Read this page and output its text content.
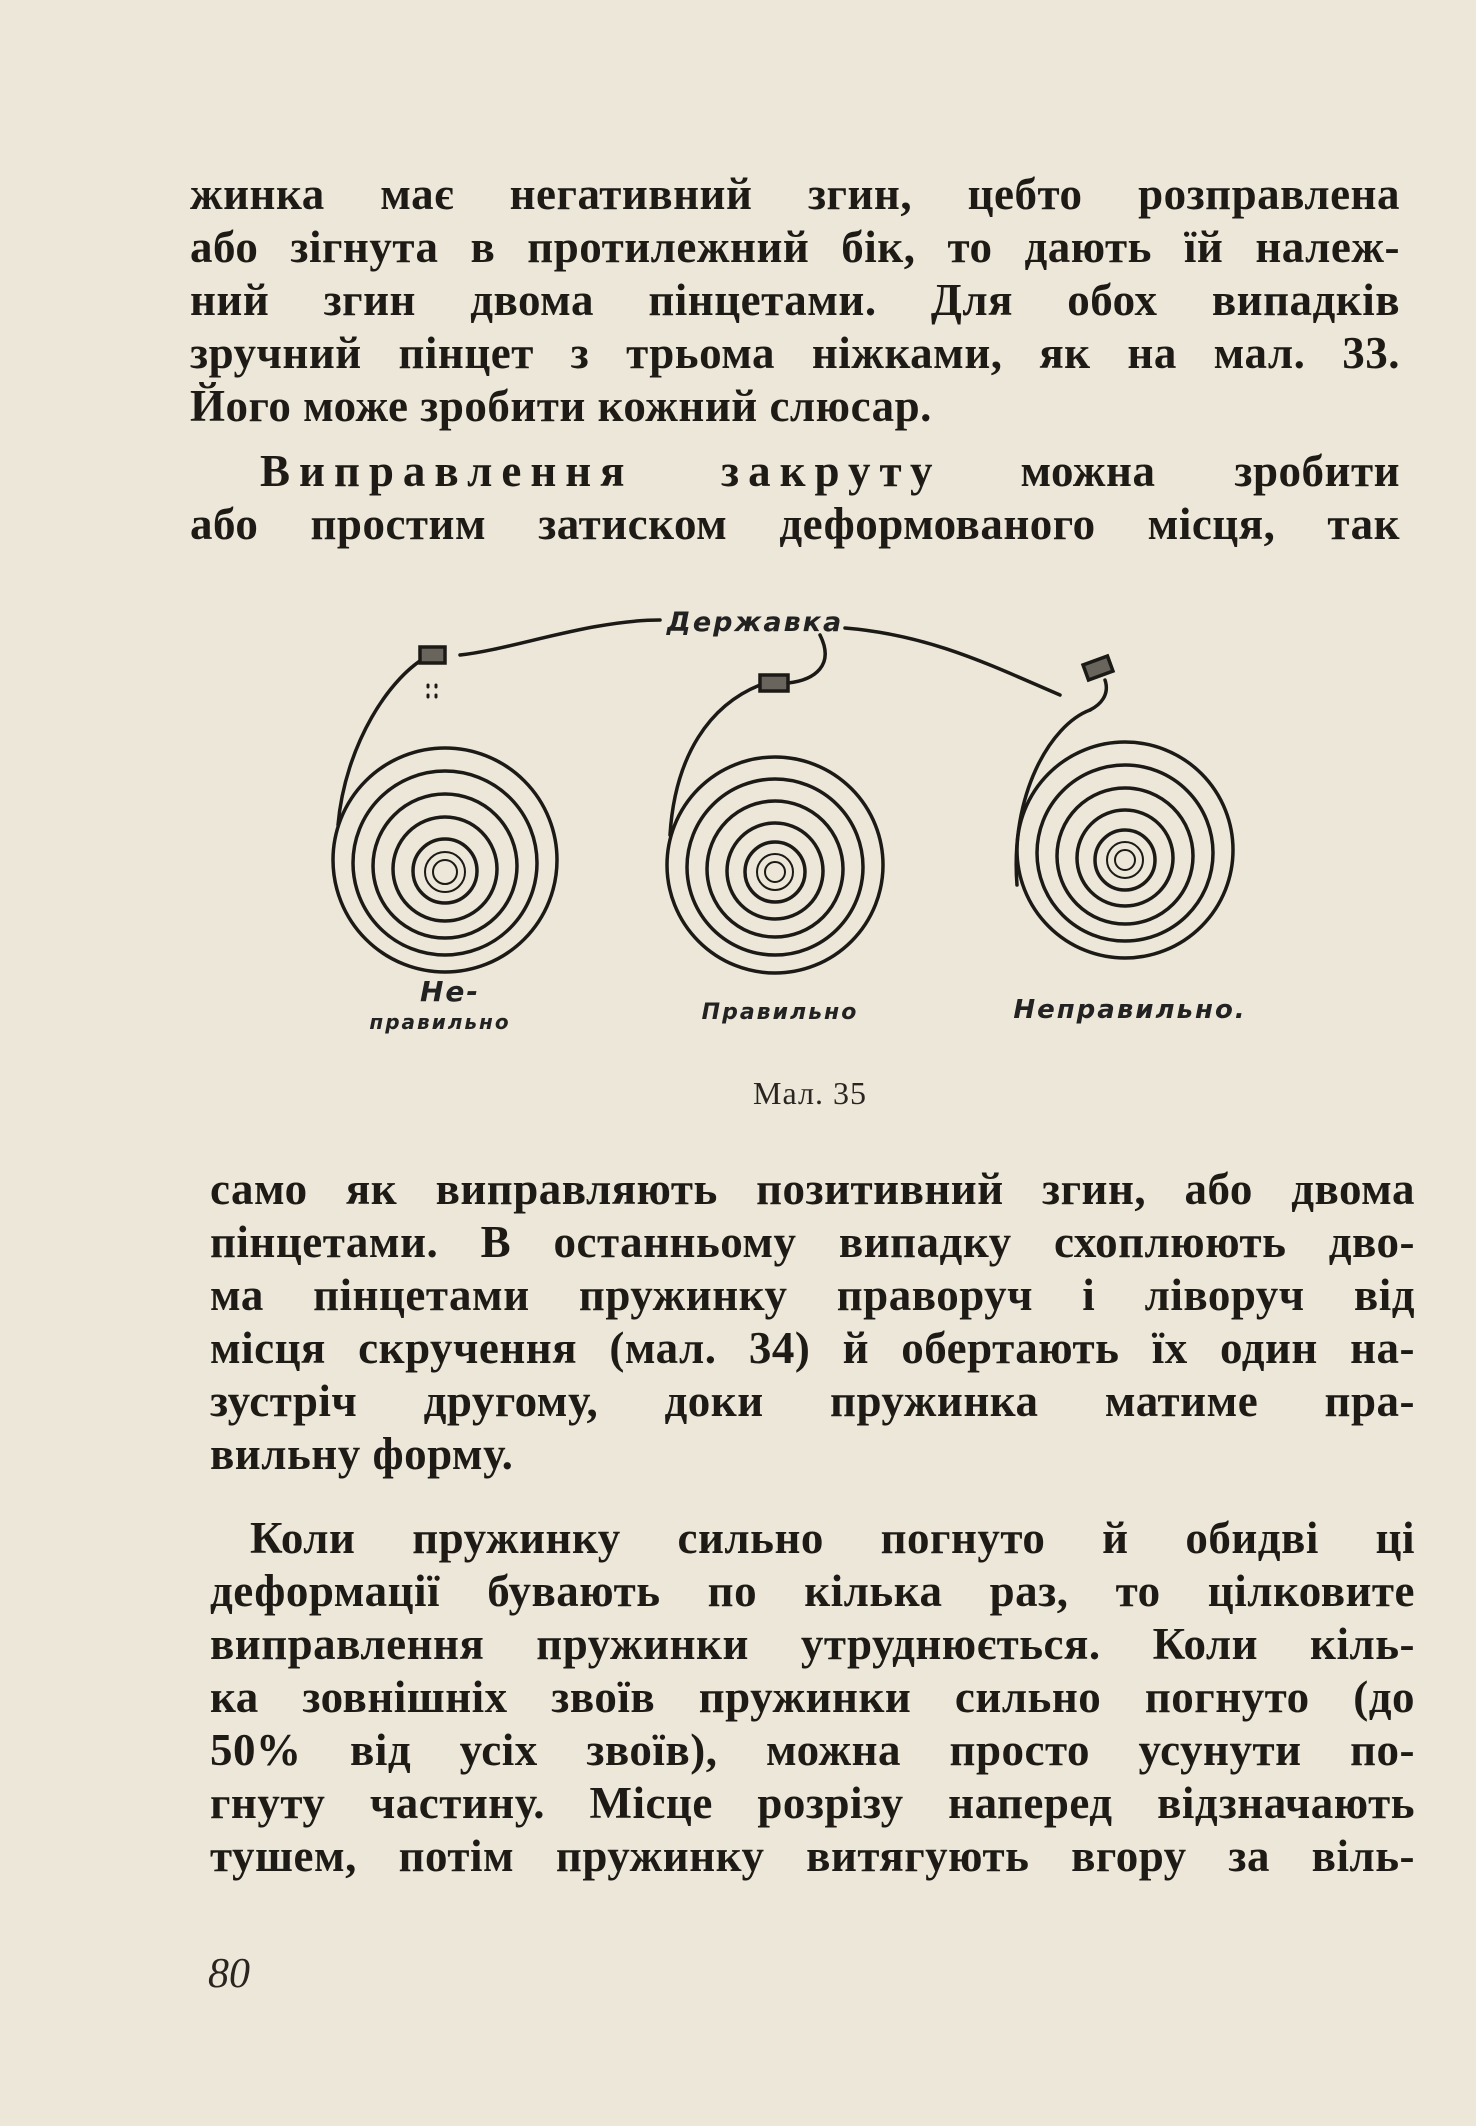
жинка має негативний згин, цебто розправлена
або зігнута в протилежний бік, то дають їй належ-
ний згин двома пінцетами. Для обох випадків
зручний пінцет з трьома ніжками, як на мал. 33.
Його може зробити кожний слюсар.
Виправлення закруту можна зробити
або простим затиском деформованого місця, так
Державка
Не-
правильно	Правильно	Неправильно.
Мал. 35
само як виправляють позитивний згин, або двома
пінцетами. В останньому випадку схоплюють дво-
ма пінцетами пружинку праворуч і ліворуч від
місця скручення (мал. 34) й обертають їх один на-
зустріч другому, доки пружинка матиме пра-
вильну форму.
Коли пружинку сильно погнуто й обидві ці
деформації бувають по кілька раз, то цілковите
виправлення пружинки утруднюється. Коли кіль-
ка зовнішніх звоїв пружинки сильно погнуто (до
50% від усіх звоїв), можна просто усунути по-
гнуту частину. Місце розрізу наперед відзначають
тушем, потім пружинку витягують вгору за віль-
80
